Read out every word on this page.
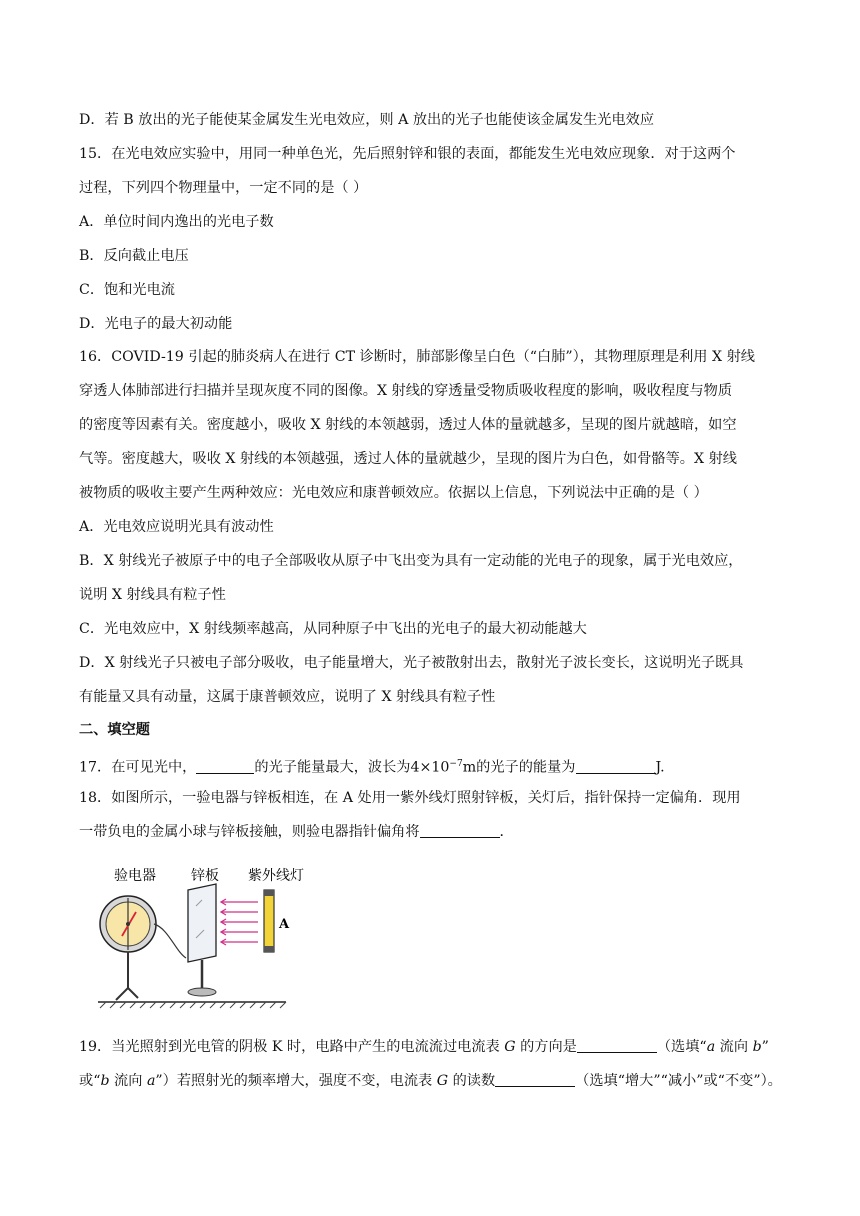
D．若 B 放出的光子能使某金属发生光电效应，则 A 放出的光子也能使该金属发生光电效应
15．在光电效应实验中，用同一种单色光，先后照射锌和银的表面，都能发生光电效应现象．对于这两个
过程，下列四个物理量中，一定不同的是（ ）
A．单位时间内逸出的光电子数
B．反向截止电压
C．饱和光电流
D．光电子的最大初动能
16．COVID-19 引起的肺炎病人在进行 CT 诊断时，肺部影像呈白色（“白肺”），其物理原理是利用 X 射线
穿透人体肺部进行扫描并呈现灰度不同的图像。X 射线的穿透量受物质吸收程度的影响，吸收程度与物质
的密度等因素有关。密度越小，吸收 X 射线的本领越弱，透过人体的量就越多，呈现的图片就越暗，如空
气等。密度越大，吸收 X 射线的本领越强，透过人体的量就越少，呈现的图片为白色，如骨骼等。X 射线
被物质的吸收主要产生两种效应：光电效应和康普顿效应。依据以上信息，下列说法中正确的是（ ）
A．光电效应说明光具有波动性
B．X 射线光子被原子中的电子全部吸收从原子中飞出变为具有一定动能的光电子的现象，属于光电效应，
说明 X 射线具有粒子性
C．光电效应中，X 射线频率越高，从同种原子中飞出的光电子的最大初动能越大
D．X 射线光子只被电子部分吸收，电子能量增大，光子被散射出去，散射光子波长变长，这说明光子既具
有能量又具有动量，这属于康普顿效应，说明了 X 射线具有粒子性
二、填空题
17．在可见光中，	的光子能量最大，波长为$4\times 10^{-7}m$的光子的能量为	J.
18．如图所示，一验电器与锌板相连，在 A 处用一紫外线灯照射锌板，关灯后，指针保持一定偏角．现用
一带负电的金属小球与锌板接触，则验电器指针偏角将	．
验电器	锌板 紫外线灯
A
19．当光照射到光电管的阴极 K 时，电路中产生的电流流过电流表 G 的方向是	（选填“a 流向 b”
或“b 流向 a”）若照射光的频率增大，强度不变，电流表 G 的读数	（选填“增大”“减小”或“不变”）。
